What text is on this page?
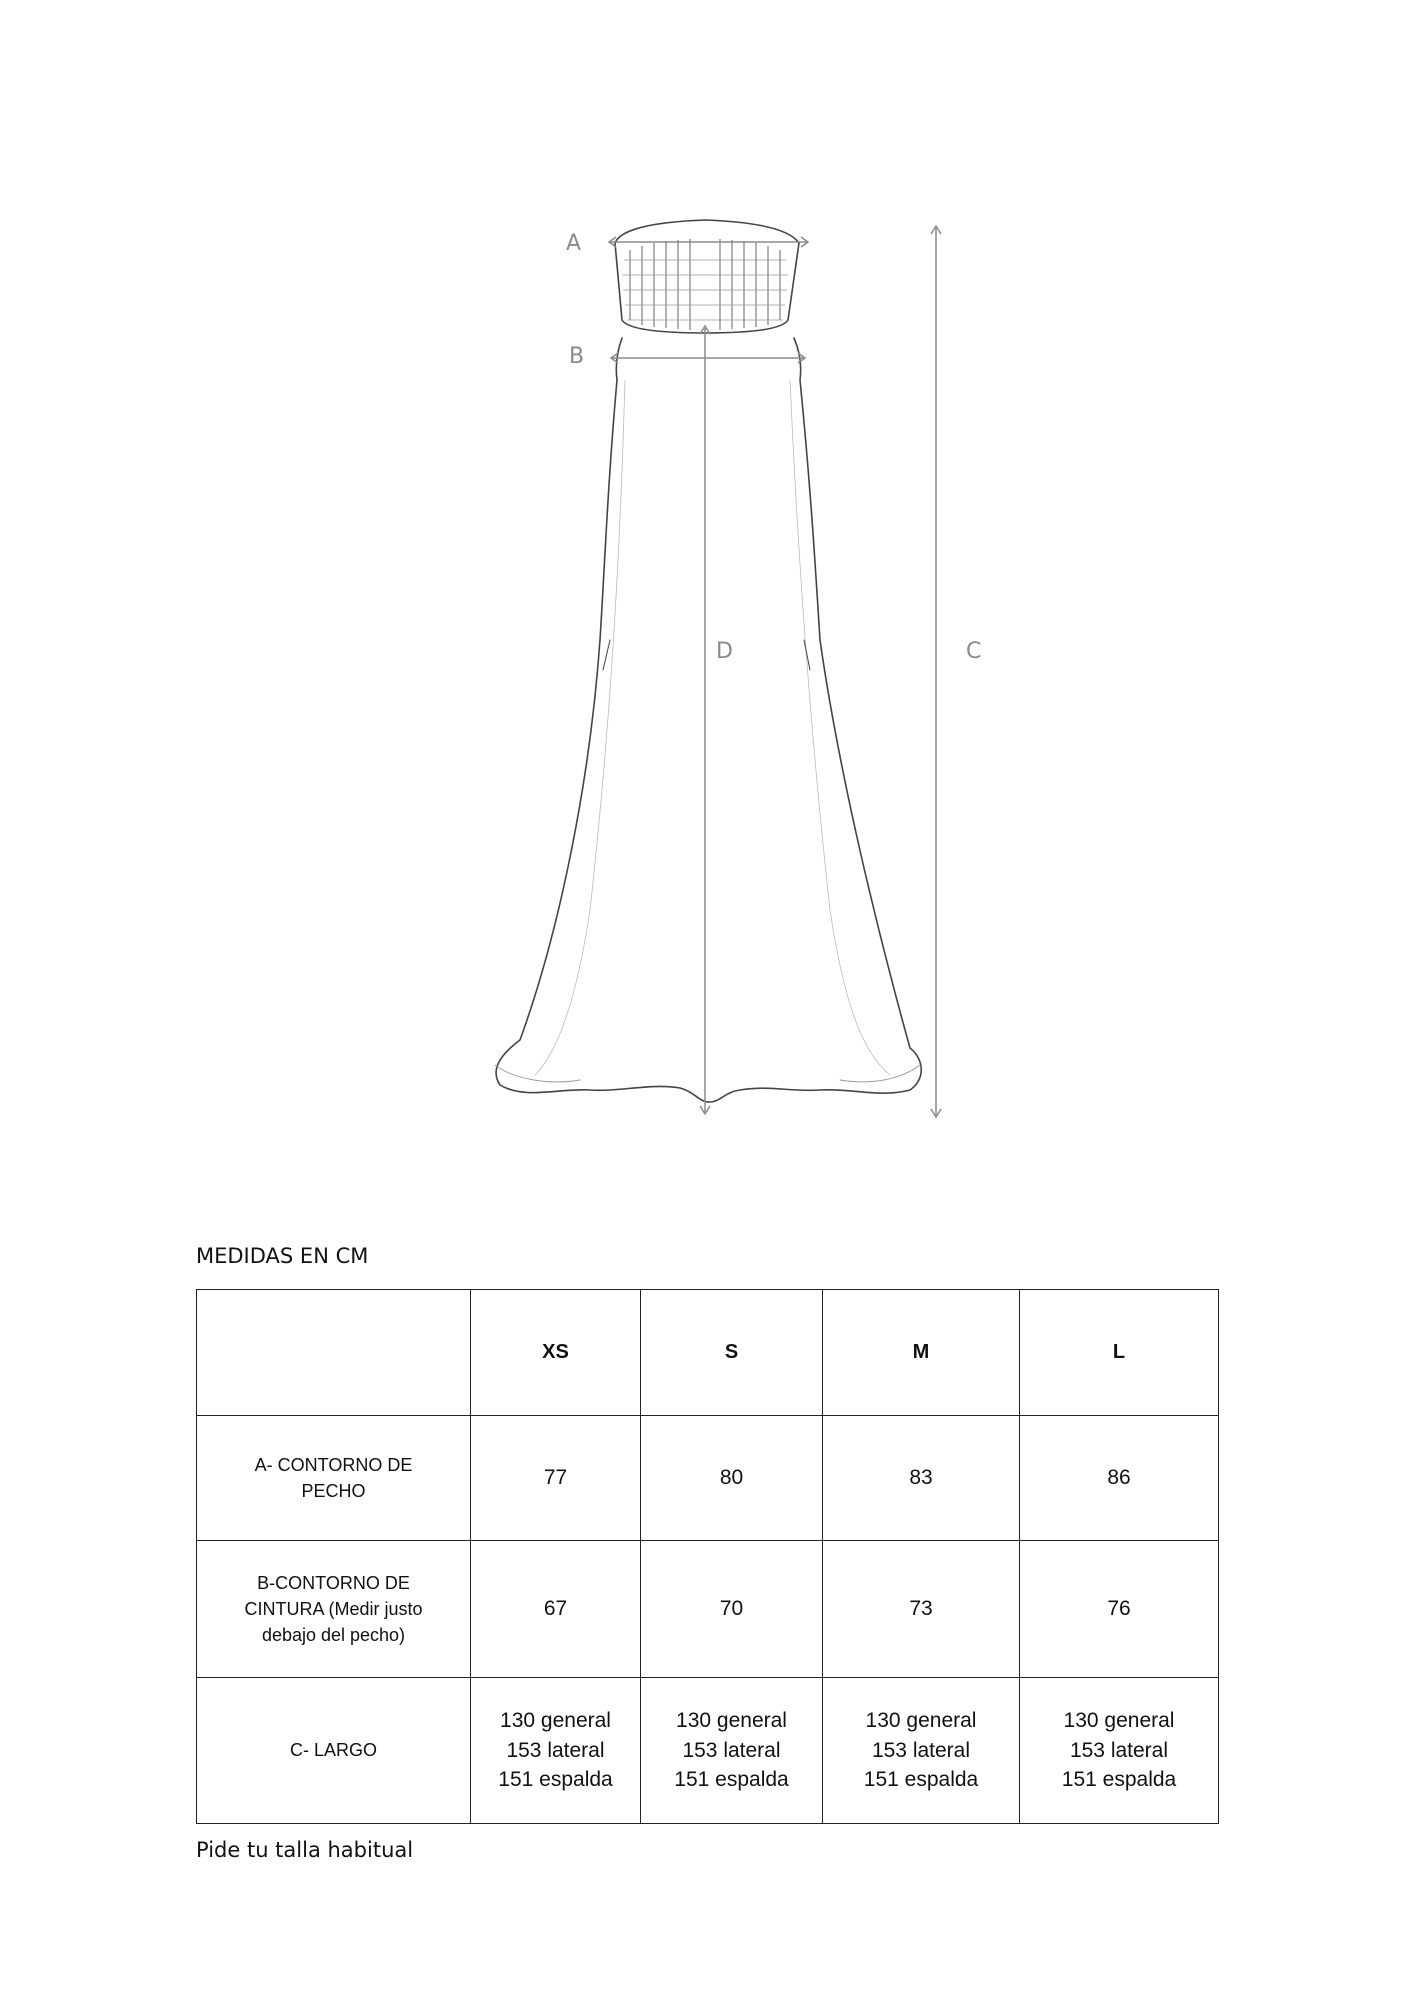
A
B
D	C

MEDIDAS EN CM

	XS	S	M	L

A- CONTORNO DE
PECHO	77	80	83	86

B-CONTORNO DE
CINTURA (Medir justo
debajo del pecho)	67	70	73	76

C- LARGO	130 general
153 lateral
151 espalda	130 general
153 lateral
151 espalda	130 general
153 lateral
151 espalda	130 general
153 lateral
151 espalda

Pide tu talla habitual
